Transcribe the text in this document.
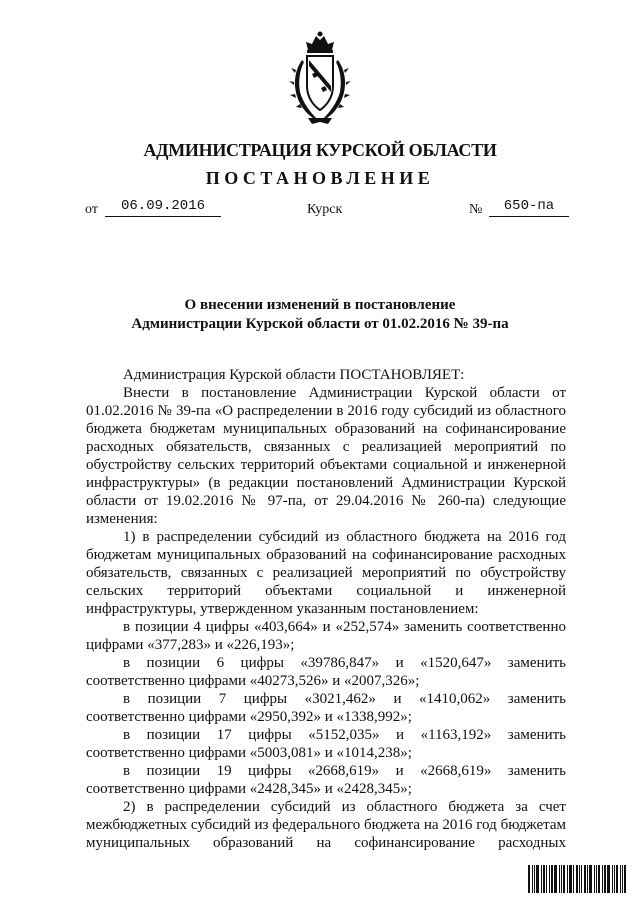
АДМИНИСТРАЦИЯ КУРСКОЙ ОБЛАСТИ
ПОСТАНОВЛЕНИЕ
от	06.09.2016	Курск	№	650-па
О внесении изменений в постановление
Администрации Курской области от 01.02.2016 № 39-па

Администрация Курской области ПОСТАНОВЛЯЕТ:

Внести в постановление Администрации Курской области от

01.02.2016 № 39-па «О распределении в 2016 году субсидий из областного

бюджета бюджетам муниципальных образований на софинансирование

расходных обязательств, связанных с реализацией мероприятий по

обустройству сельских территорий объектами социальной и инженерной

инфраструктуры» (в редакции постановлений Администрации Курской

области от 19.02.2016 № 97-па, от 29.04.2016 № 260-па) следующие

изменения:

1) в распределении субсидий из областного бюджета на 2016 год

бюджетам муниципальных образований на софинансирование расходных

обязательств, связанных с реализацией мероприятий по обустройству

сельских территорий объектами социальной и инженерной

инфраструктуры, утвержденном указанным постановлением:

в позиции 4 цифры «403,664» и «252,574» заменить соответственно

цифрами «377,283» и «226,193»;

в позиции 6 цифры «39786,847» и «1520,647» заменить

соответственно цифрами «40273,526» и «2007,326»;

в позиции 7 цифры «3021,462» и «1410,062» заменить

соответственно цифрами «2950,392» и «1338,992»;

в позиции 17 цифры «5152,035» и «1163,192» заменить

соответственно цифрами «5003,081» и «1014,238»;

в позиции 19 цифры «2668,619» и «2668,619» заменить

соответственно цифрами «2428,345» и «2428,345»;

2) в распределении субсидий из областного бюджета за счет

межбюджетных субсидий из федерального бюджета на 2016 год бюджетам

муниципальных образований на софинансирование расходных
